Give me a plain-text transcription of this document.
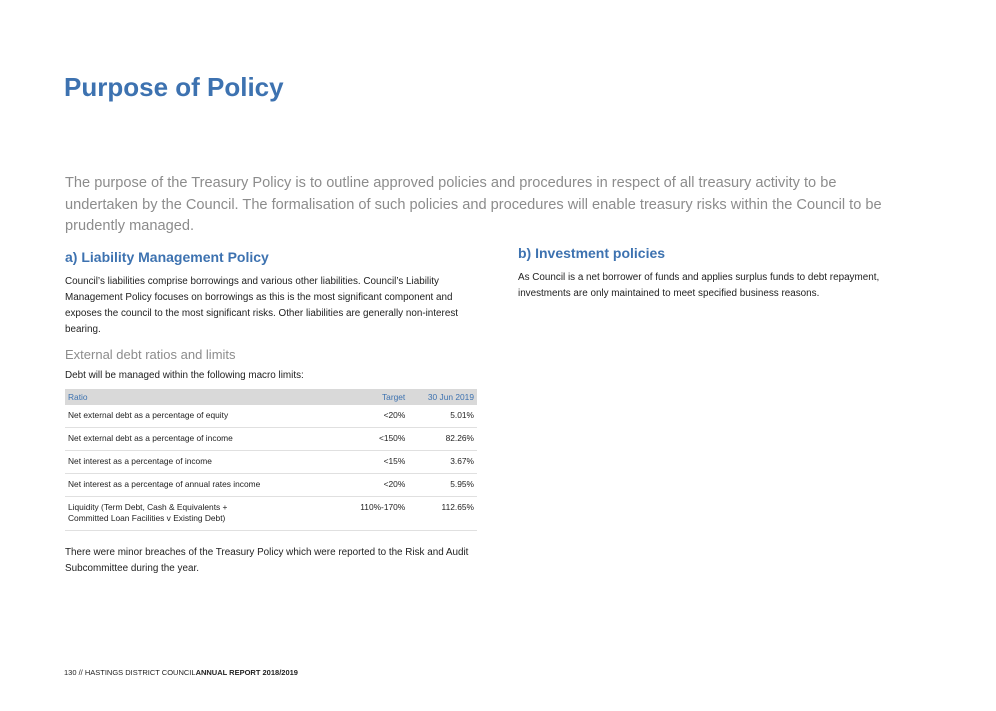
Purpose of Policy

The purpose of the Treasury Policy is to outline approved policies and procedures in respect of all treasury activity to be undertaken by the Council. The formalisation of such policies and procedures will enable treasury risks within the Council to be prudently managed.

a) Liability Management Policy

Council’s liabilities comprise borrowings and various other liabilities. Council’s Liability Management Policy focuses on borrowings as this is the most significant component and exposes the council to the most significant risks. Other liabilities are generally non-interest bearing.

External debt ratios and limits

Debt will be managed within the following macro limits:

Ratio	Target	30 Jun 2019
Net external debt as a percentage of equity	<20%	5.01%
Net external debt as a percentage of income	<150%	82.26%
Net interest as a percentage of income	<15%	3.67%
Net interest as a percentage of annual rates income	<20%	5.95%
Liquidity (Term Debt, Cash & Equivalents +
Committed Loan Facilities v Existing Debt)	110%-170%	112.65%

There were minor breaches of the Treasury Policy which were reported to the Risk and Audit Subcommittee during the year.

b) Investment policies

As Council is a net borrower of funds and applies surplus funds to debt repayment, investments are only maintained to meet specified business reasons.

130 // HASTINGS DISTRICT COUNCILANNUAL REPORT 2018/2019
